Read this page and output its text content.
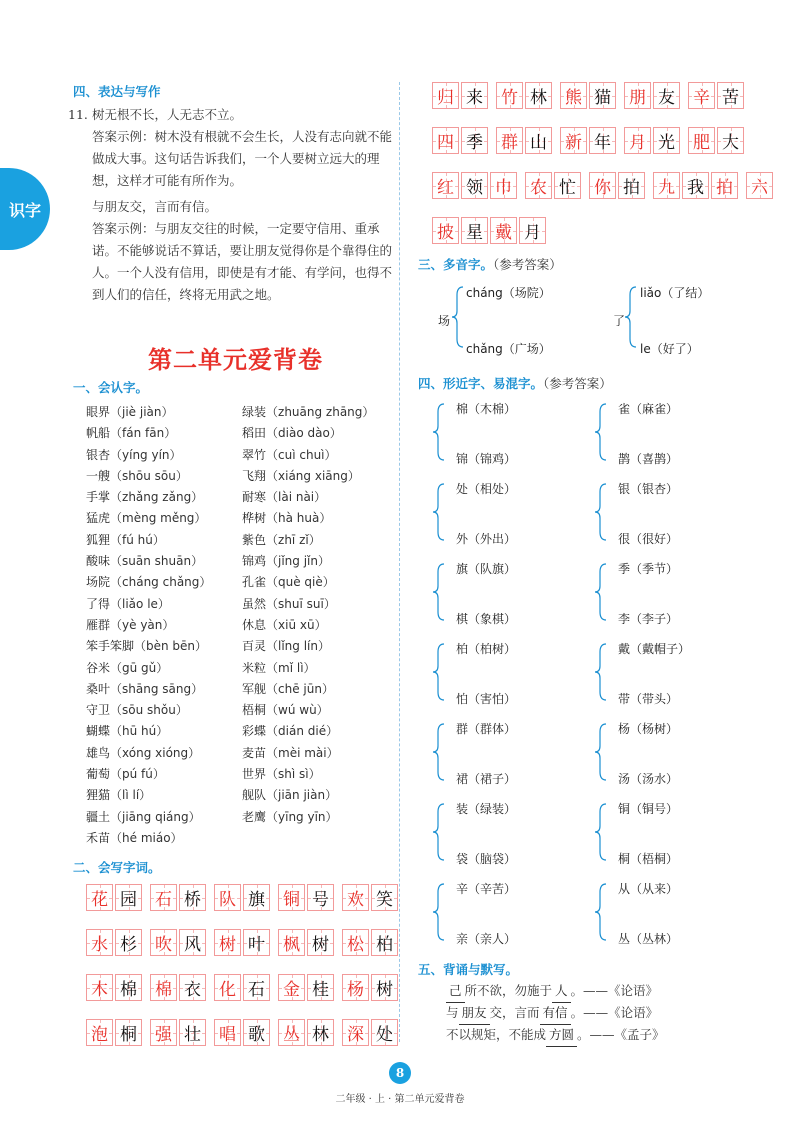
识字
四、表达与写作
11. 树无根不长，人无志不立。
答案示例：树木没有根就不会生长，人没有志向就不能做成大事。这句话告诉我们，一个人要树立远大的理想，这样才可能有所作为。
与朋友交，言而有信。
答案示例：与朋友交往的时候，一定要守信用、重承诺。不能够说话不算话，要让朋友觉得你是个靠得住的人。一个人没有信用，即使是有才能、有学问，也得不到人们的信任，终将无用武之地。
第二单元爱背卷
一、会认字。
眼界（jiè jiàn）
帆船（fán fān）
银杏（yíng yín）
一艘（shōu sōu）
手掌（zhǎng zǎng）
猛虎（mèng měng）
狐狸（fú hú）
酸味（suān shuān）
场院（cháng chǎng）
了得（liǎo le）
雁群（yè yàn）
笨手笨脚（bèn bēn）
谷米（gū gǔ）
桑叶（shāng sāng）
守卫（sōu shǒu）
蝴蝶（hū hú）
雄鸟（xóng xióng）
葡萄（pú fú）
狸猫（lì lí）
疆土（jiāng qiáng）
禾苗（hé miáo）
绿装（zhuāng zhāng）
稻田（diào dào）
翠竹（cuì chuì）
飞翔（xiáng xiāng）
耐寒（lài nài）
桦树（hà huà）
紫色（zhī zǐ）
锦鸡（jǐng jǐn）
孔雀（què qiè）
虽然（shuī suī）
休息（xiū xū）
百灵（lǐng lín）
米粒（mǐ lì）
军舰（chē jūn）
梧桐（wú wù）
彩蝶（dián dié）
麦苗（mèi mài）
世界（shì sì）
舰队（jiān jiàn）
老鹰（yīng yīn）
二、会写字词。
花 园 石 桥 队 旗 铜 号 欢 笑
水 杉 吹 风 树 叶 枫 树 松 柏
木 棉 棉 衣 化 石 金 桂 杨 树
泡 桐 强 壮 唱 歌 丛 林 深 处
归 来 竹 林 熊 猫 朋 友 辛 苦
四 季 群 山 新 年 月 光 肥 大
红 领 巾 农 忙 你 拍 九 我 拍 六
披 星 戴 月
三、多音字。（参考答案）
场
cháng（场院）
chǎng（广场）
了
liǎo（了结）
le（好了）
四、形近字、易混字。（参考答案）
棉（木棉）
锦（锦鸡）
雀（麻雀）
鹊（喜鹊）
处（相处）
外（外出）
银（银杏）
很（很好）
旗（队旗）
棋（象棋）
季（季节）
李（李子）
柏（柏树）
怕（害怕）
戴（戴帽子）
带（带头）
群（群体）
裙（裙子）
杨（杨树）
汤（汤水）
装（绿装）
袋（脑袋）
铜（铜号）
桐（梧桐）
辛（辛苦）
亲（亲人）
从（从来）
丛（丛林）
五、背诵与默写。
己 所不欲，勿施于 人 。——《论语》
与 朋友 交，言而 有信 。——《论语》
不以规矩，不能成 方圆 。——《孟子》
8
二年级 · 上 · 第二单元爱背卷
